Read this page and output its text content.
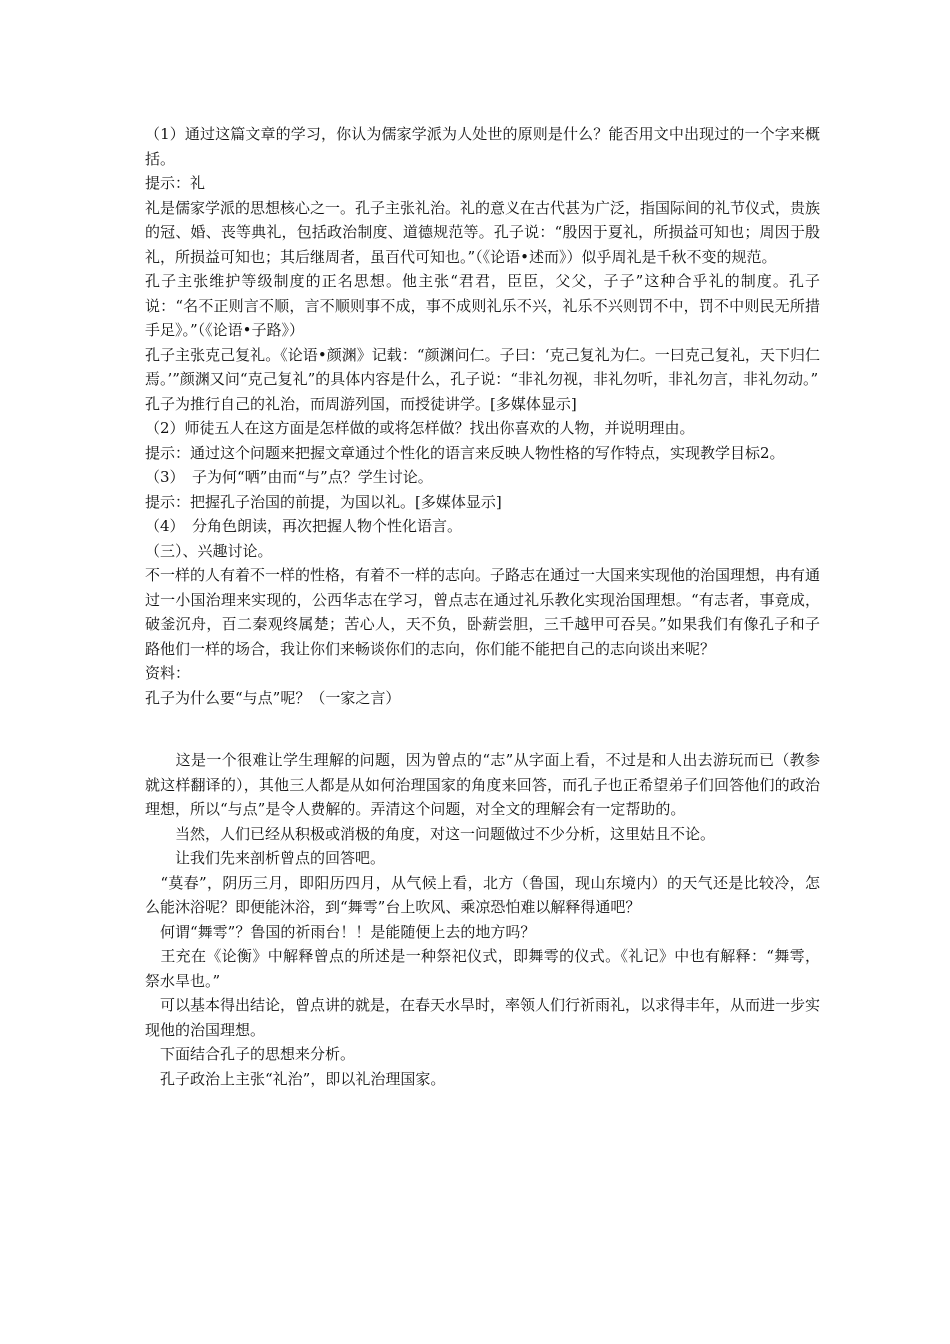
（1）通过这篇文章的学习，你认为儒家学派为人处世的原则是什么？能否用文中出现过的一个字来概括。

提示：礼

礼是儒家学派的思想核心之一。孔子主张礼治。礼的意义在古代甚为广泛，指国际间的礼节仪式，贵族的冠、婚、丧等典礼，包括政治制度、道德规范等。孔子说：“殷因于夏礼，所损益可知也；周因于殷礼，所损益可知也；其后继周者，虽百代可知也。”（《论语•述而》）似乎周礼是千秋不变的规范。

孔子主张维护等级制度的正名思想。他主张“君君，臣臣，父父，子子”这种合乎礼的制度。孔子说：“名不正则言不顺，言不顺则事不成，事不成则礼乐不兴，礼乐不兴则罚不中，罚不中则民无所措手足》。”（《论语•子路》）

孔子主张克己复礼。《论语•颜渊》记载：“颜渊问仁。子曰：‘克己复礼为仁。一曰克己复礼，天下归仁焉。’”颜渊又问“克己复礼”的具体内容是什么，孔子说：“非礼勿视，非礼勿听，非礼勿言，非礼勿动。”

孔子为推行自己的礼治，而周游列国，而授徒讲学。[多媒体显示]

（2）师徒五人在这方面是怎样做的或将怎样做？找出你喜欢的人物，并说明理由。

提示：通过这个问题来把握文章通过个性化的语言来反映人物性格的写作特点，实现教学目标2。

（3）　子为何“哂”由而“与”点？学生讨论。

提示：把握孔子治国的前提，为国以礼。[多媒体显示]

（4）　分角色朗读，再次把握人物个性化语言。

（三）、兴趣讨论。

不一样的人有着不一样的性格，有着不一样的志向。子路志在通过一大国来实现他的治国理想，冉有通过一小国治理来实现的，公西华志在学习，曾点志在通过礼乐教化实现治国理想。“有志者，事竟成，破釜沉舟，百二秦观终属楚；苦心人，天不负，卧薪尝胆，三千越甲可吞吴。”如果我们有像孔子和子路他们一样的场合，我让你们来畅谈你们的志向，你们能不能把自己的志向谈出来呢？

资料：

孔子为什么要“与点”呢？（一家之言）

　　这是一个很难让学生理解的问题，因为曾点的“志”从字面上看，不过是和人出去游玩而已（教参就这样翻译的），其他三人都是从如何治理国家的角度来回答，而孔子也正希望弟子们回答他们的政治理想，所以“与点”是令人费解的。弄清这个问题，对全文的理解会有一定帮助的。

　　当然，人们已经从积极或消极的角度，对这一问题做过不少分析，这里姑且不论。

　　让我们先来剖析曾点的回答吧。

　“莫春”，阴历三月，即阳历四月，从气候上看，北方（鲁国，现山东境内）的天气还是比较冷，怎么能沐浴呢？即便能沐浴，到“舞雩”台上吹风、乘凉恐怕难以解释得通吧？

　何谓“舞雩”？鲁国的祈雨台！！是能随便上去的地方吗？

　王充在《论衡》中解释曾点的所述是一种祭祀仪式，即舞雩的仪式。《礼记》中也有解释：“舞雩，祭水旱也。”

　可以基本得出结论，曾点讲的就是，在春天水旱时，率领人们行祈雨礼，以求得丰年，从而进一步实现他的治国理想。

　下面结合孔子的思想来分析。

　孔子政治上主张“礼治”，即以礼治理国家。
